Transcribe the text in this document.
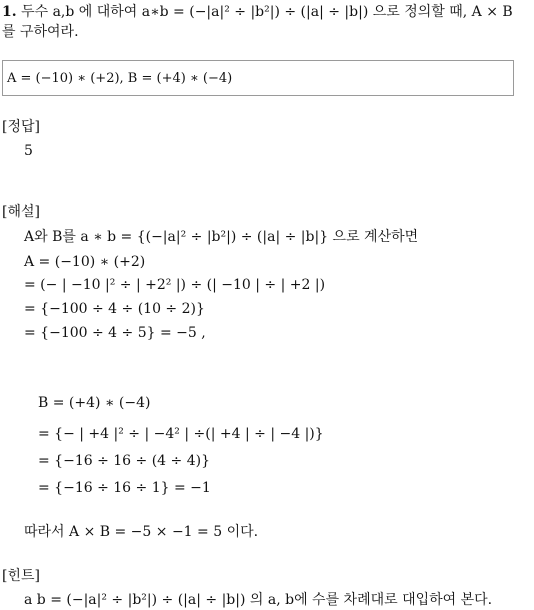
1. 두수 a,b 에 대하여 a∗b = (−|a|² ÷ |b²|) ÷ (|a| ÷ |b|) 으로 정의할 때, A × B
를 구하여라.
A = (−10) ∗ (+2), B = (+4) ∗ (−4)
[정답]
5
[해설]
A와 B를 a ∗ b = {(−|a|² ÷ |b²|) ÷ (|a| ÷ |b|} 으로 계산하면
A = (−10) ∗ (+2)
= (− | −10 |² ÷ | +2² |) ÷ (| −10 | ÷ | +2 |)
= {−100 ÷ 4 ÷ (10 ÷ 2)}
= {−100 ÷ 4 ÷ 5} = −5 ,
B = (+4) ∗ (−4)
= {− | +4 |² ÷ | −4² | ÷(| +4 | ÷ | −4 |)}
= {−16 ÷ 16 ÷ (4 ÷ 4)}
= {−16 ÷ 16 ÷ 1} = −1
따라서 A × B = −5 × −1 = 5 이다.
[힌트]
a b = (−|a|² ÷ |b²|) ÷ (|a| ÷ |b|) 의 a, b에 수를 차례대로 대입하여 본다.
